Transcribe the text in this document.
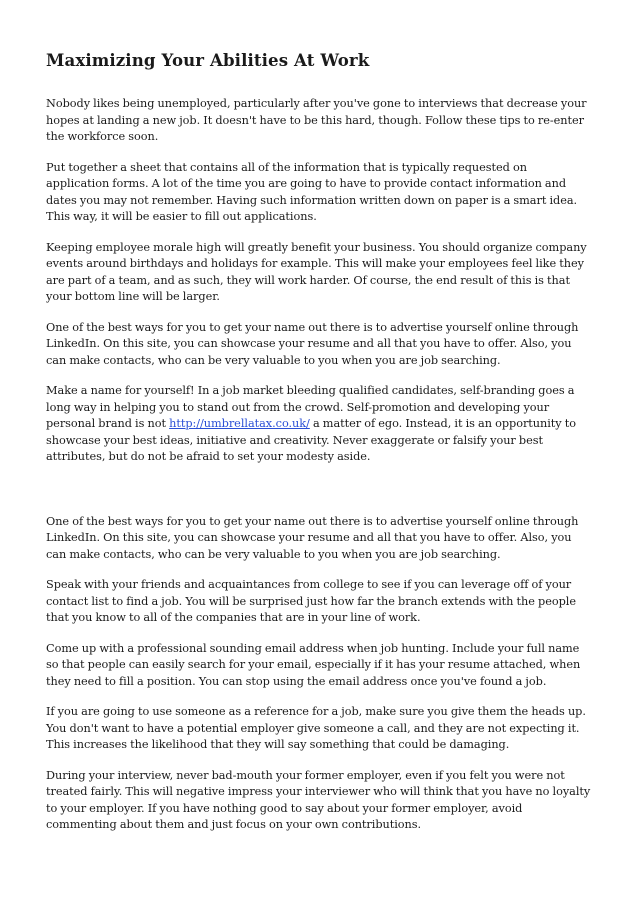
Maximizing Your Abilities At Work

Nobody likes being unemployed, particularly after you've gone to interviews that decrease your hopes at landing a new job. It doesn't have to be this hard, though. Follow these tips to re-enter the workforce soon.

Put together a sheet that contains all of the information that is typically requested on application forms. A lot of the time you are going to have to provide contact information and dates you may not remember. Having such information written down on paper is a smart idea. This way, it will be easier to fill out applications.

Keeping employee morale high will greatly benefit your business. You should organize company events around birthdays and holidays for example. This will make your employees feel like they are part of a team, and as such, they will work harder. Of course, the end result of this is that your bottom line will be larger.

One of the best ways for you to get your name out there is to advertise yourself online through LinkedIn. On this site, you can showcase your resume and all that you have to offer. Also, you can make contacts, who can be very valuable to you when you are job searching.

Make a name for yourself! In a job market bleeding qualified candidates, self-branding goes a long way in helping you to stand out from the crowd. Self-promotion and developing your personal brand is not http://umbrellatax.co.uk/ a matter of ego. Instead, it is an opportunity to showcase your best ideas, initiative and creativity. Never exaggerate or falsify your best attributes, but do not be afraid to set your modesty aside.

One of the best ways for you to get your name out there is to advertise yourself online through LinkedIn. On this site, you can showcase your resume and all that you have to offer. Also, you can make contacts, who can be very valuable to you when you are job searching.

Speak with your friends and acquaintances from college to see if you can leverage off of your contact list to find a job. You will be surprised just how far the branch extends with the people that you know to all of the companies that are in your line of work.

Come up with a professional sounding email address when job hunting. Include your full name so that people can easily search for your email, especially if it has your resume attached, when they need to fill a position. You can stop using the email address once you've found a job.

If you are going to use someone as a reference for a job, make sure you give them the heads up. You don't want to have a potential employer give someone a call, and they are not expecting it. This increases the likelihood that they will say something that could be damaging.

During your interview, never bad-mouth your former employer, even if you felt you were not treated fairly. This will negative impress your interviewer who will think that you have no loyalty to your employer. If you have nothing good to say about your former employer, avoid commenting about them and just focus on your own contributions.
